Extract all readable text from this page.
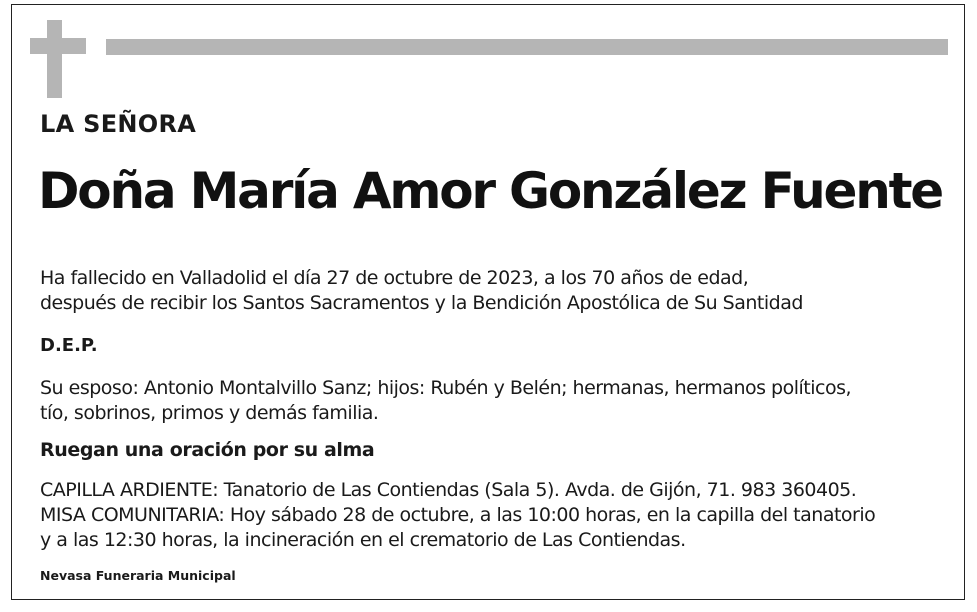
LA SEÑORA
Doña María Amor González Fuente
Ha fallecido en Valladolid el día 27 de octubre de 2023, a los 70 años de edad,
después de recibir los Santos Sacramentos y la Bendición Apostólica de Su Santidad
D.E.P.
Su esposo: Antonio Montalvillo Sanz; hijos: Rubén y Belén; hermanas, hermanos políticos,
tío, sobrinos, primos y demás familia.
Ruegan una oración por su alma
CAPILLA ARDIENTE: Tanatorio de Las Contiendas (Sala 5). Avda. de Gijón, 71. 983 360405.
MISA COMUNITARIA: Hoy sábado 28 de octubre, a las 10:00 horas, en la capilla del tanatorio
y a las 12:30 horas, la incineración en el crematorio de Las Contiendas.
Nevasa Funeraria Municipal
